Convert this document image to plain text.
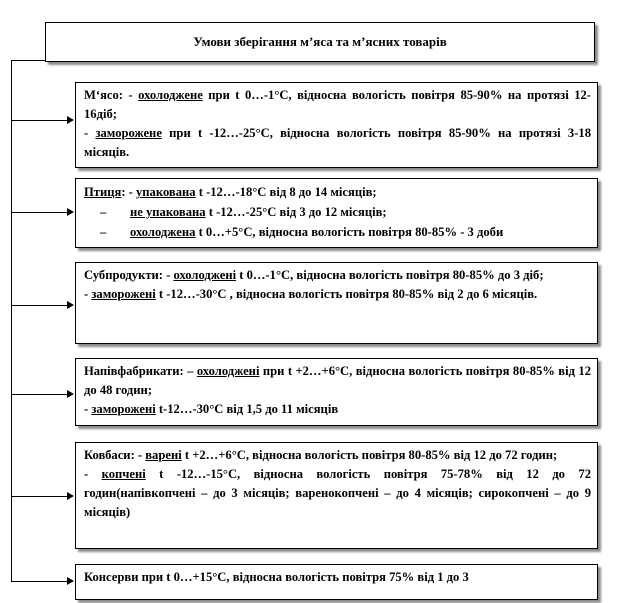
Умови зберігання м’яса та м’ясних товарів
М‘ясо: - охолоджене при t 0…-1°С, відносна вологість повітря 85-90% на протязі 12-16діб;
- заморожене при t -12…-25°С, відносна вологість повітря 85-90% на протязі 3-18 місяців.
Птиця: - упакована t -12…-18°С від 8 до 14 місяців;
– не упакована t -12…-25°С від 3 до 12 місяців;
– охолоджена t 0…+5°С, відносна вологість повітря 80-85% - 3 доби
Субпродукти: - охолоджені t 0…-1°С, відносна вологість повітря 80-85% до 3 діб;
- заморожені t -12…-30°С , відносна вологість повітря 80-85% від 2 до 6 місяців.
Напівфабрикати: – охолоджені при t +2…+6°С, відносна вологість повітря 80-85% від 12 до 48 годин;
- заморожені t-12…-30°С від 1,5 до 11 місяців
Ковбаси: - варені t +2…+6°С, відносна вологість повітря 80-85% від 12 до 72 годин;
- копчені t -12…-15°С, відносна вологість повітря 75-78% від 12 до 72 годин(напівкопчені – до 3 місяців; варенокопчені – до 4 місяців; сирокопчені – до 9 місяців)
Консерви при t 0…+15°С, відносна вологість повітря 75% від 1 до 3
